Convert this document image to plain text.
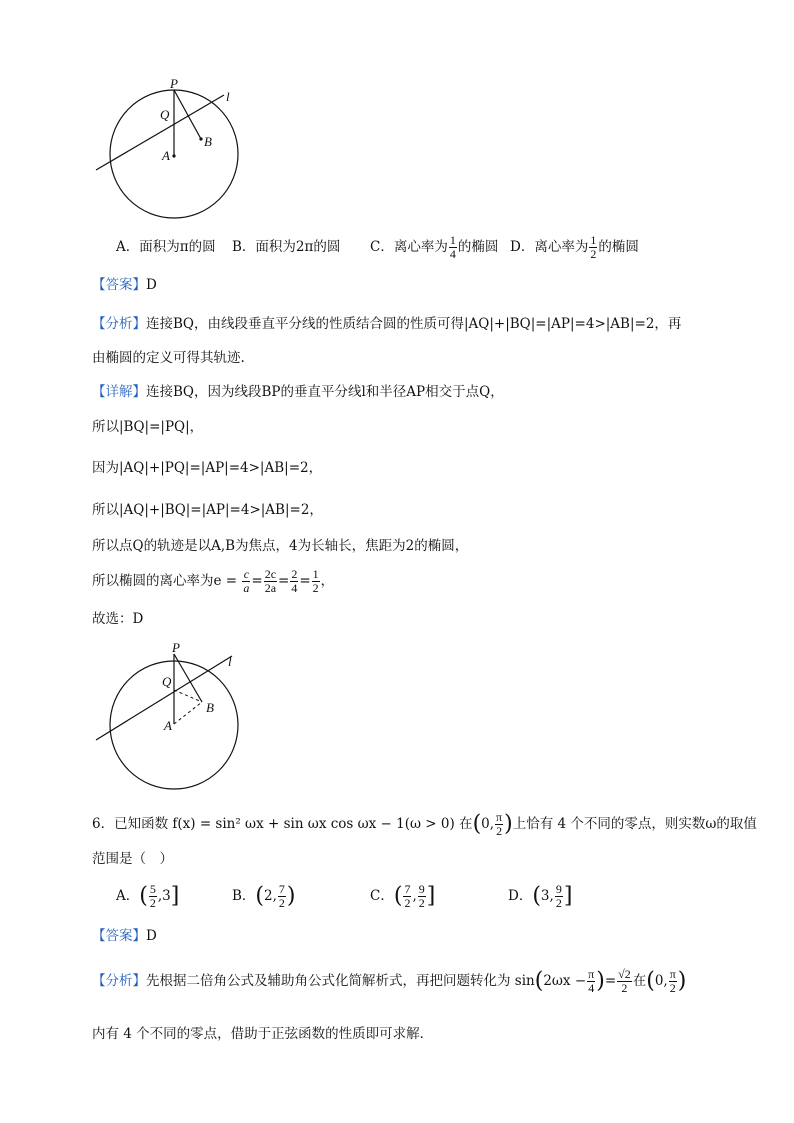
P
Q
B
A
l
A．面积为π的圆 B．面积为2π的圆 C．离心率为 $\frac{1}{4}$ 的椭圆 D．离心率为 $\frac{1}{2}$ 的椭圆
【答案】D
【分析】连接BQ，由线段垂直平分线的性质结合圆的性质可得|AQ|+|BQ|=|AP|=4>|AB|=2，再
由椭圆的定义可得其轨迹.
【详解】连接BQ，因为线段BP的垂直平分线l和半径AP相交于点Q，
所以|BQ|=|PQ|，
因为|AQ|+|PQ|=|AP|=4>|AB|=2，
所以|AQ|+|BQ|=|AP|=4>|AB|=2，
所以点Q的轨迹是以A,B为焦点，4为长轴长，焦距为2的椭圆，
所以椭圆的离心率为$e = \frac{c}{a} = \frac{2c}{2a} = \frac{2}{4} = \frac{1}{2}$ ，
故选：D
P
Q
B
A
l
6．已知函数 f(x) = sin² ωx + sin ωx cos ωx − 1(ω > 0) 在(0, $\frac{\pi}{2}$ )上恰有 4 个不同的零点，则实数ω的取值
范围是（　）
A．( $\frac{5}{2} ,3$]	B．(2, $\frac{7}{2}$ )	C．( $\frac{7}{2}$ , $\frac{9}{2}$ ]	D．(3, $\frac{9}{2}$ ]
【答案】D
【分析】先根据二倍角公式及辅助角公式化简解析式，再把问题转化为 $\sin(2\omega x - \frac{\pi}{4}$ )= $\frac{√2}{2}$ 在(0, $\frac{\pi}{2}$ )
内有 4 个不同的零点，借助于正弦函数的性质即可求解．
